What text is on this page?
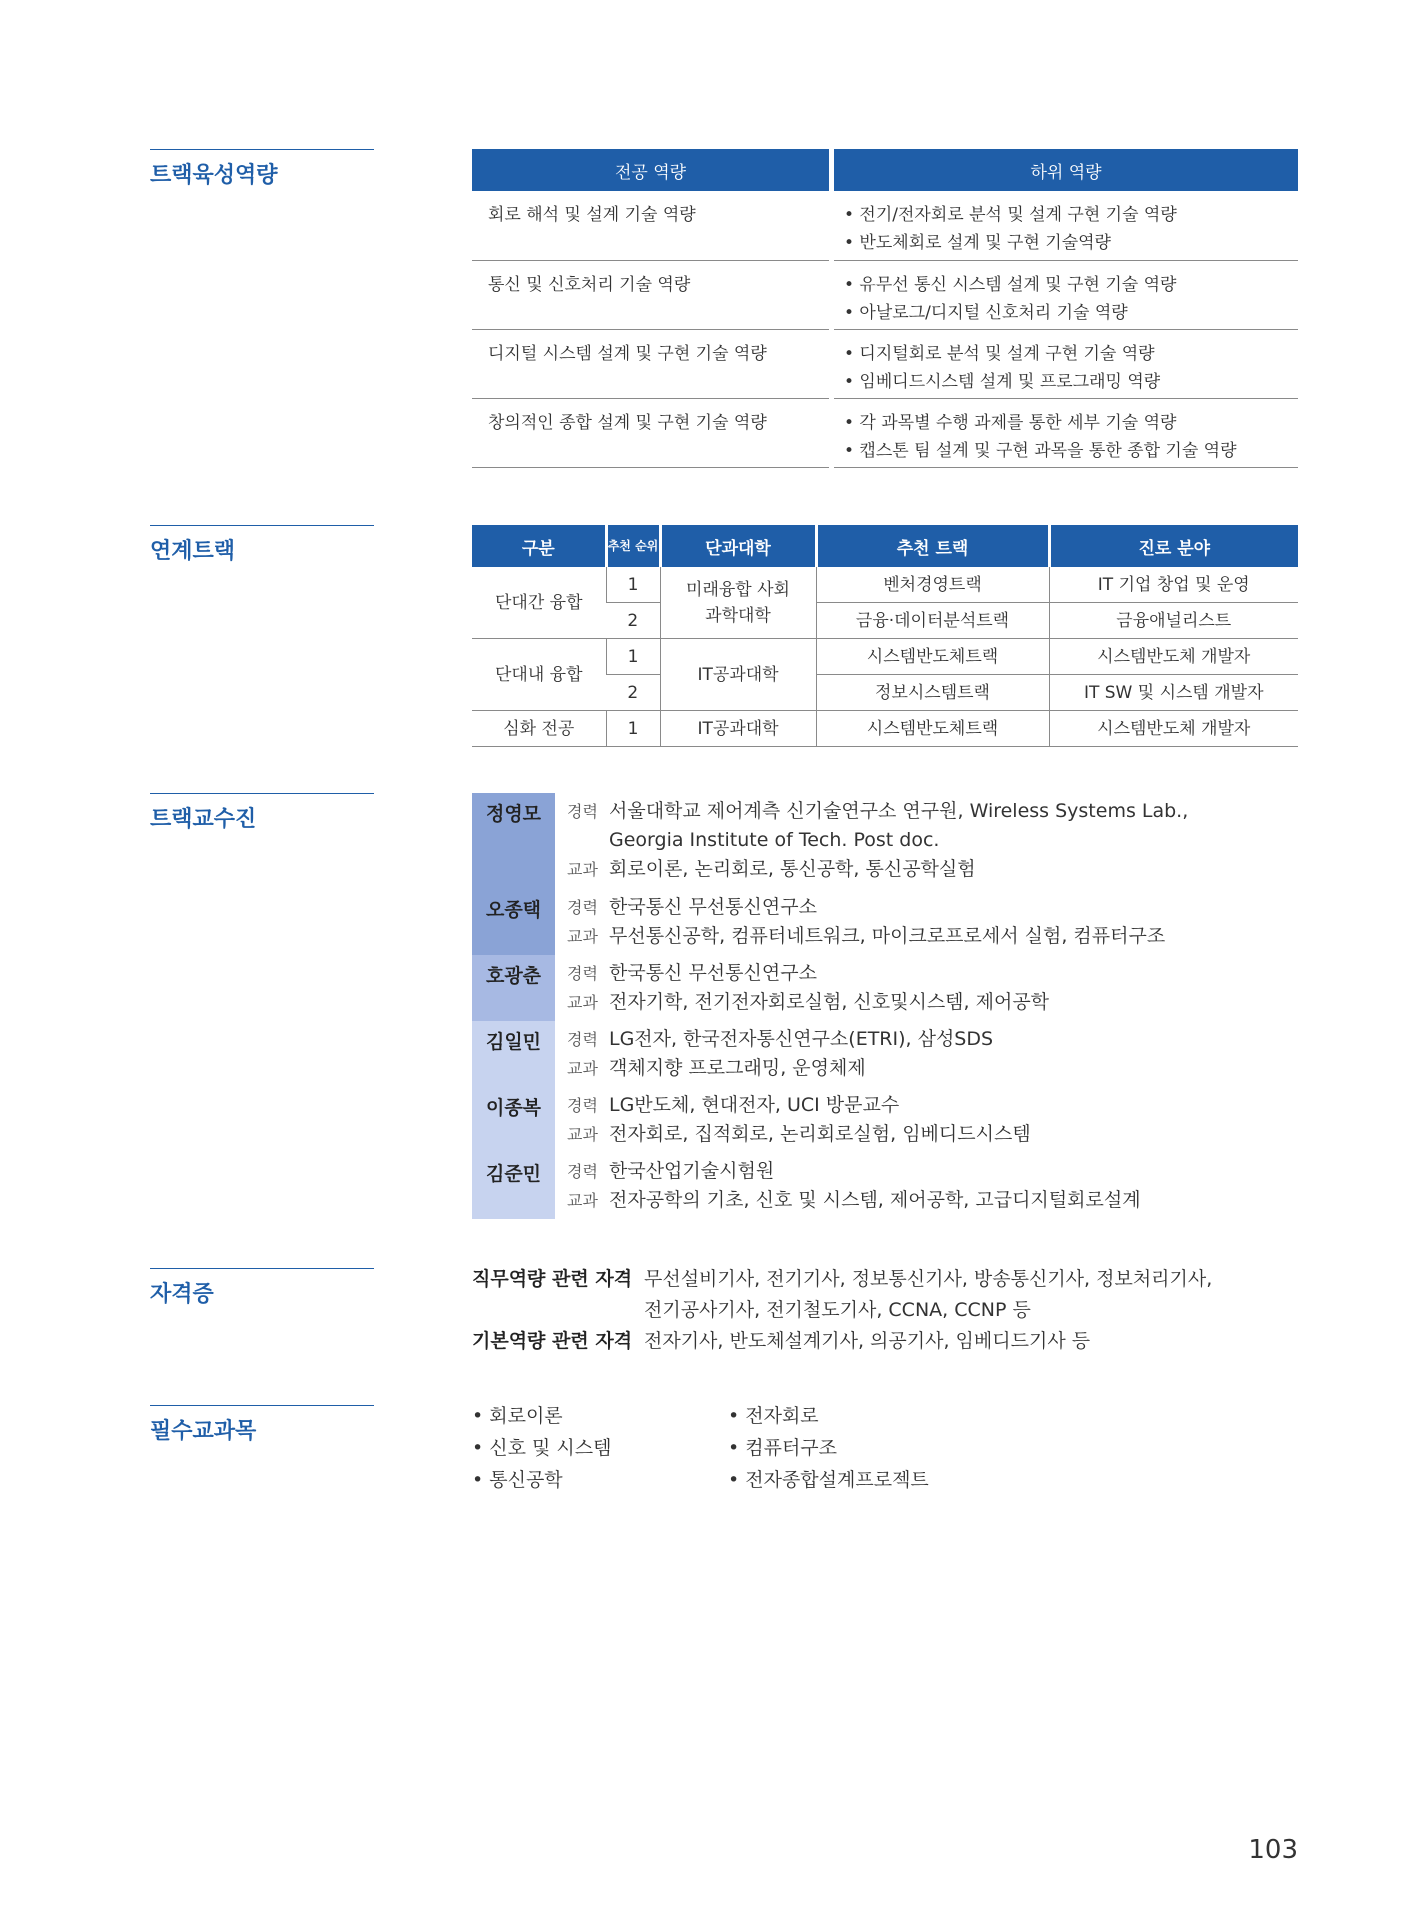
트랙육성역량
연계트랙
트랙교수진
자격증
필수교과목
전공 역량	하위 역량
회로 해석 및 설계 기술 역량	• 전기/전자회로 분석 및 설계 구현 기술 역량
• 반도체회로 설계 및 구현 기술역량

통신 및 신호처리 기술 역량	• 유무선 통신 시스템 설계 및 구현 기술 역량
• 아날로그/디지털 신호처리 기술 역량

디지털 시스템 설계 및 구현 기술 역량	• 디지털회로 분석 및 설계 구현 기술 역량
• 임베디드시스템 설계 및 프로그래밍 역량

창의적인 종합 설계 및 구현 기술 역량	• 각 과목별 수행 과제를 통한 세부 기술 역량
• 캡스톤 팀 설계 및 구현 과목을 통한 종합 기술 역량
구분	추천 순위	단과대학	추천 트랙	진로 분야
단대간 융합	1	미래융합 사회과학대학	벤처경영트랙	IT 기업 창업 및 운영
	2		금융·데이터분석트랙	금융애널리스트
단대내 융합	1	IT공과대학	시스템반도체트랙	시스템반도체 개발자
	2		정보시스템트랙	IT SW 및 시스템 개발자
심화 전공	1	IT공과대학	시스템반도체트랙	시스템반도체 개발자
정영모	경력 서울대학교 제어계측 신기술연구소 연구원, Wireless Systems Lab.,
Georgia Institute of Tech. Post doc.
교과 회로이론, 논리회로, 통신공학, 통신공학실험
오종택	경력 한국통신 무선통신연구소
교과 무선통신공학, 컴퓨터네트워크, 마이크로프로세서 실험, 컴퓨터구조
호광춘	경력 한국통신 무선통신연구소
교과 전자기학, 전기전자회로실험, 신호및시스템, 제어공학
김일민	경력 LG전자, 한국전자통신연구소(ETRI), 삼성SDS
교과 객체지향 프로그래밍, 운영체제
이종복	경력 LG반도체, 현대전자, UCI 방문교수
교과 전자회로, 집적회로, 논리회로실험, 임베디드시스템
김준민	경력 한국산업기술시험원
교과 전자공학의 기초, 신호 및 시스템, 제어공학, 고급디지털회로설계
직무역량 관련 자격 무선설비기사, 전기기사, 정보통신기사, 방송통신기사, 정보처리기사,
전기공사기사, 전기철도기사, CCNA, CCNP 등
기본역량 관련 자격 전자기사, 반도체설계기사, 의공기사, 임베디드기사 등
• 회로이론
• 신호 및 시스템
• 통신공학
• 전자회로
• 컴퓨터구조
• 전자종합설계프로젝트
103
